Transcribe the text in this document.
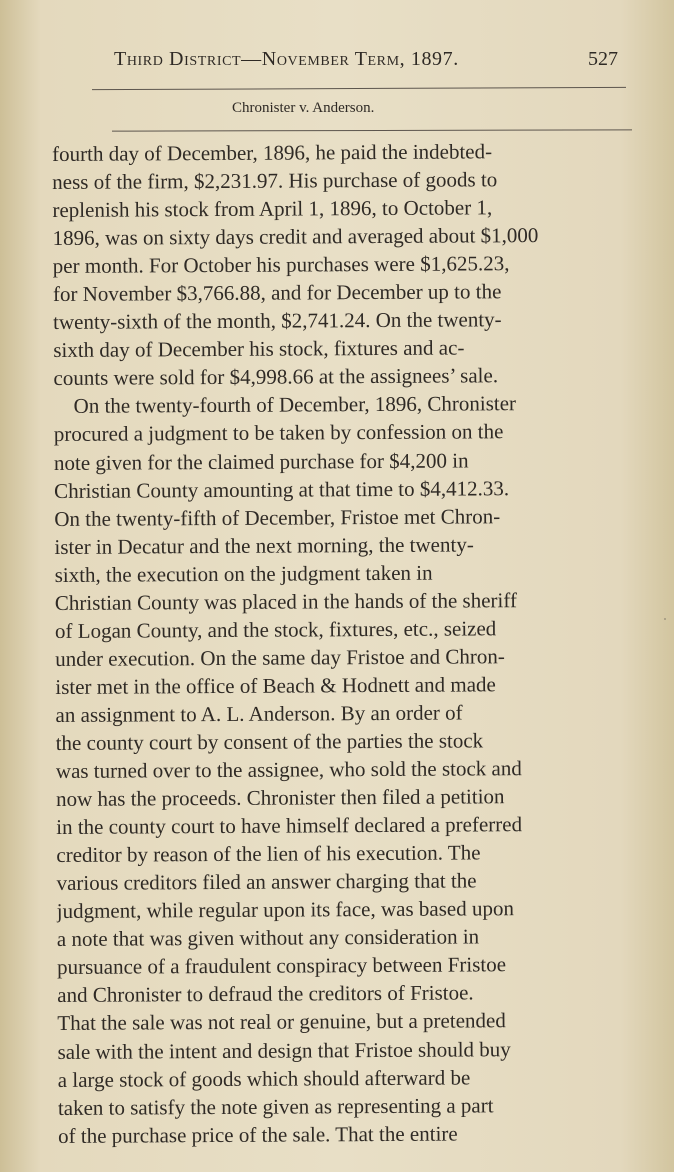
Third District—November Term, 1897.	527
Chronister v. Anderson.
fourth day of December, 1896, he paid the indebted-
ness of the firm, $2,231.97. His purchase of goods to
replenish his stock from April 1, 1896, to October 1,
1896, was on sixty days credit and averaged about $1,000
per month. For October his purchases were $1,625.23,
for November $3,766.88, and for December up to the
twenty-sixth of the month, $2,741.24. On the twenty-
sixth day of December his stock, fixtures and ac-
counts were sold for $4,998.66 at the assignees’ sale.
On the twenty-fourth of December, 1896, Chronister
procured a judgment to be taken by confession on the
note given for the claimed purchase for $4,200 in
Christian County amounting at that time to $4,412.33.
On the twenty-fifth of December, Fristoe met Chron-
ister in Decatur and the next morning, the twenty-
sixth, the execution on the judgment taken in
Christian County was placed in the hands of the sheriff
of Logan County, and the stock, fixtures, etc., seized
under execution. On the same day Fristoe and Chron-
ister met in the office of Beach & Hodnett and made
an assignment to A. L. Anderson. By an order of
the county court by consent of the parties the stock
was turned over to the assignee, who sold the stock and
now has the proceeds. Chronister then filed a petition
in the county court to have himself declared a preferred
creditor by reason of the lien of his execution. The
various creditors filed an answer charging that the
judgment, while regular upon its face, was based upon
a note that was given without any consideration in
pursuance of a fraudulent conspiracy between Fristoe
and Chronister to defraud the creditors of Fristoe.
That the sale was not real or genuine, but a pretended
sale with the intent and design that Fristoe should buy
a large stock of goods which should afterward be
taken to satisfy the note given as representing a part
of the purchase price of the sale. That the entire
